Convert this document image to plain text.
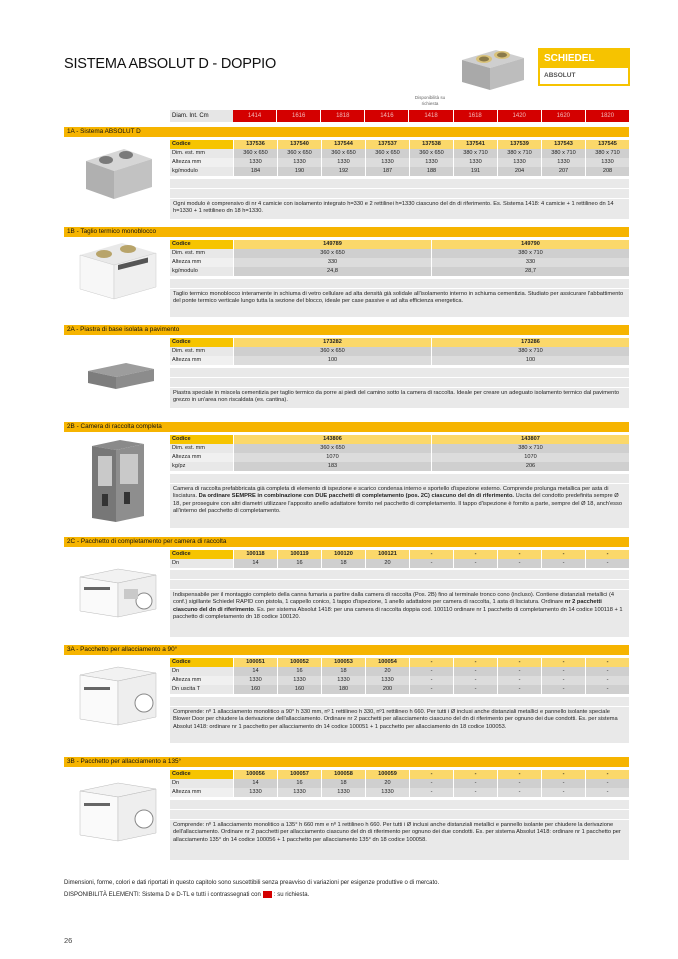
SISTEMA ABSOLUT D - DOPPIO	SCHIEDEL
ABSOLUT
Disponibilità su richiesta
Diam. Int. Cm	1414	1616	1818	1416	1418	1618	1420	1620	1820
1A - Sistema ABSOLUT D
Codice	137536	137540	137544	137537	137538	137541	137539	137543	137545
Dim. est. mm	360 x 650	360 x 650	360 x 650	360 x 650	360 x 650	380 x 710	380 x 710	380 x 710	380 x 710
Altezza mm	1330	1330	1330	1330	1330	1330	1330	1330	1330
kg/modulo	184	190	192	187	188	191	204	207	208
Ogni modulo è comprensivo di nr 4 camicie con isolamento integrato h=330 e 2 rettilinei h=1330 ciascuno del dn di riferimento. Es. Sistema 1418: 4 camicie + 1 rettilineo dn 14 h=1330 + 1 rettilineo dn 18 h=1330.
1B - Taglio termico monoblocco
Codice	149789	149790
Dim. est. mm	360 x 650	380 x 710
Altezza mm	330	330
kg/modulo	24,8	28,7
Taglio termico monoblocco interamente in schiuma di vetro cellulare ad alta densità già solidale all'isolamento interno in schiuma cementizia. Studiato per assicurare l'abbattimento del ponte termico verticale lungo tutta la sezione del blocco, ideale per case passive e ad alta efficienza energetica.
2A - Piastra di base isolata a pavimento
Codice	173282	173286
Dim. est. mm	360 x 650	380 x 710
Altezza mm	100	100
Piastra speciale in miscela cementizia per taglio termico da porre ai piedi del camino sotto la camera di raccolta. Ideale per creare un adeguato isolamento termico dal pavimento grezzo in un'area non riscaldata (es. cantina).
2B - Camera di raccolta completa
Codice	143806	143807
Dim. est. mm	360 x 650	380 x 710
Altezza mm	1070	1070
kg/pz	183	206
Camera di raccolta prefabbricata già completa di elemento di ispezione e scarico condensa interno e sportello d'ispezione esterno. Comprende prolunga metallica per asta di lisciatura. Da ordinare SEMPRE in combinazione con DUE pacchetti di completamento (pos. 2C) ciascuno del dn di riferimento. Uscita del condotto predefinita sempre Ø 18, per proseguire con altri diametri utilizzare l'apposito anello adattatore fornito nel pacchetto di completamento. Il tappo d'ispezione è fornito a parte, sempre del Ø 18, anch'esso all'interno del pacchetto di completamento.
2C - Pacchetto di completamento per camera di raccolta
Codice	100118	100119	100120	100121	-	-	-	-	-
Dn	14	16	18	20	-	-	-	-	-
Indispensabile per il montaggio completo della canna fumaria a partire dalla camera di raccolta (Pos. 2B) fino al terminale tronco cono (incluso). Contiene distanziali metallici (4 conf.) sigillante Schiedel RAPID con pistola, 1 cappello conico, 1 tappo d'ispezione, 1 anello adattatore per camera di raccolta, 1 asta di lisciatura. Ordinare nr 2 pacchetti ciascuno del dn di riferimento. Es. per sistema Absolut 1418: per una camera di raccolta doppia cod. 100110 ordinare nr 1 pacchetto di completamento dn 14 codice 100118 + 1 pacchetto di completamento dn 18 codice 100120.
3A - Pacchetto per allacciamento a 90°
Codice	100051	100052	100053	100054	-	-	-	-	-
Dn	14	16	18	20	-	-	-	-	-
Altezza mm	1330	1330	1330	1330	-	-	-	-	-
Dn uscita T	160	160	180	200	-	-	-	-	-
Comprende: nº 1 allacciamento monolitico a 90° h 330 mm, nº 1 rettilineo h 330, nº1 rettilineo h 660. Per tutti i Ø inclusi anche distanziali metallici e pannello isolante speciale Blower Door per chiudere la derivazione dell'allacciamento. Ordinare nr 2 pacchetti per allacciamento ciascuno del dn di riferimento per ognuno dei due condotti. Es. per sistema Absolut 1418: ordinare nr 1 pacchetto per allacciamento dn 14 codice 100051 + 1 pacchetto per allacciamento dn 18 codice 100053.
3B - Pacchetto per allacciamento a 135°
Codice	100056	100057	100058	100059	-	-	-	-	-
Dn	14	16	18	20	-	-	-	-	-
Altezza mm	1330	1330	1330	1330	-	-	-	-	-
Comprende: nº 1 allacciamento monolitico a 135° h 660 mm e nº 1 rettilineo h 660. Per tutti i Ø inclusi anche distanziali metallici e pannello isolante per chiudere la derivazione dell'allacciamento. Ordinare nr 2 pacchetti per allacciamento ciascuno del dn di riferimento per ognuno dei due condotti. Es. per sistema Absolut 1418: ordinare nr 1 pacchetto per allacciamento 135° dn 14 codice 100056 + 1 pacchetto per allacciamento 135° dn 18 codice 100058.
Dimensioni, forme, colori e dati riportati in questo capitolo sono suscettibili senza preavviso di variazioni per esigenze produttive o di mercato.
DISPONIBILITÀ ELEMENTI: Sistema D e D-TL e tutti i contrassegnati con : su richiesta.
26
